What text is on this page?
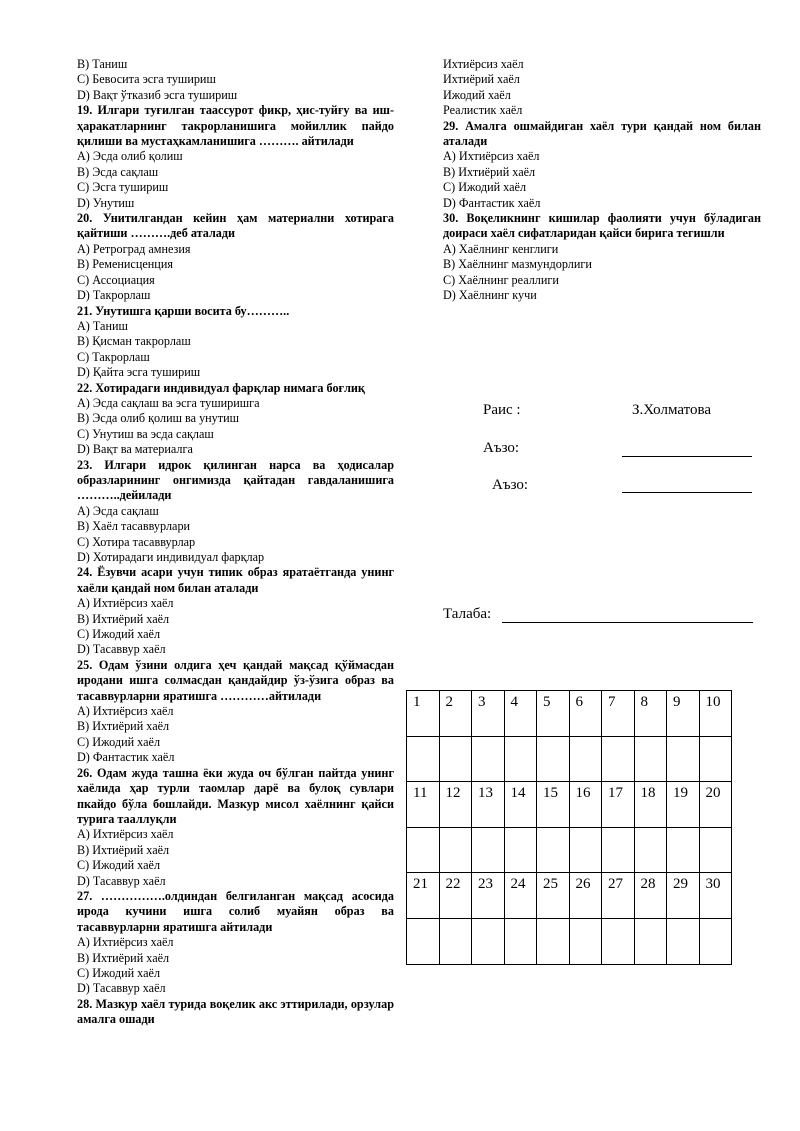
B) Таниш
C) Бевосита эсга тушириш
D) Вақт ўтказиб эсга тушириш
19. Илгари туғилган таассурот фикр, ҳис-туйғу ва иш-ҳаракатларнинг такрорланишига мойиллик пайдо қилиши ва мустаҳкамланишига ………. айтилади
A) Эсда олиб қолиш
B) Эсда сақлаш
C) Эсга тушириш
D) Унутиш
20. Унитилгандан кейин ҳам материални хотирага қайтиши ……….деб аталади
A) Ретроград амнезия
B) Ременисценция
C) Ассоциация
D) Такрорлаш
21. Унутишга қарши восита бу………..
A) Таниш
B) Қисман такрорлаш
C) Такрорлаш
D) Қайта эсга тушириш
22. Хотирадаги индивидуал фарқлар нимага боғлиқ
A) Эсда сақлаш ва эсга туширишга
B) Эсда олиб қолиш ва унутиш
C) Унутиш ва эсда сақлаш
D) Вақт ва материалга
23. Илгари идрок қилинган нарса ва ҳодисалар образларининг онгимизда қайтадан гавдаланишига ………..дейилади
A) Эсда сақлаш
B) Хаёл тасаввурлари
C) Хотира тасаввурлар
D) Хотирадаги индивидуал фарқлар
24. Ёзувчи асари учун типик образ яратаётганда унинг хаёли қандай ном билан аталади
A) Ихтиёрсиз хаёл
B) Ихтиёрий хаёл
C) Ижодий хаёл
D) Тасаввур хаёл
25. Одам ўзини олдига ҳеч қандай мақсад қўймасдан иродани ишга солмасдан қандайдир ўз-ўзига образ ва тасаввурларни яратишга …………айтилади
A) Ихтиёрсиз хаёл
B) Ихтиёрий хаёл
C) Ижодий хаёл
D) Фантастик хаёл
26. Одам жуда ташна ёки жуда оч бўлган пайтда унинг хаёлида ҳар турли таомлар дарё ва булоқ сувлари пкайдо бўла бошлайди. Мазкур мисол хаёлнинг қайси турига тааллуқли
A) Ихтиёрсиз хаёл
B) Ихтиёрий хаёл
C) Ижодий хаёл
D) Тасаввур хаёл
27. …………….олдиндан белгиланган мақсад асосида ирода кучини ишга солиб муайян образ ва тасаввурларни яратишга айтилади
A) Ихтиёрсиз хаёл
B) Ихтиёрий хаёл
C) Ижодий хаёл
D) Тасаввур хаёл
28. Мазкур хаёл турида воқелик акс эттирилади, орзулар амалга ошади
Ихтиёрсиз хаёл
Ихтиёрий хаёл
Ижодий хаёл
Реалистик хаёл
29. Амалга ошмайдиган хаёл тури қандай ном билан аталади
A) Ихтиёрсиз хаёл
B) Ихтиёрий хаёл
C) Ижодий хаёл
D) Фантастик хаёл
30. Воқеликнинг кишилар фаолияти учун бўладиган доираси хаёл сифатларидан қайси бирига тегишли
A) Хаёлнинг кенглиги
B) Хаёлнинг мазмундорлиги
C) Хаёлнинг реаллиги
D) Хаёлнинг кучи
Раис :	З.Холматова
Аъзо:
Аъзо:
Талаба:
1	2	3	4	5	6	7	8	9	10

11	12	13	14	15	16	17	18	19	20

21	22	23	24	25	26	27	28	29	30
